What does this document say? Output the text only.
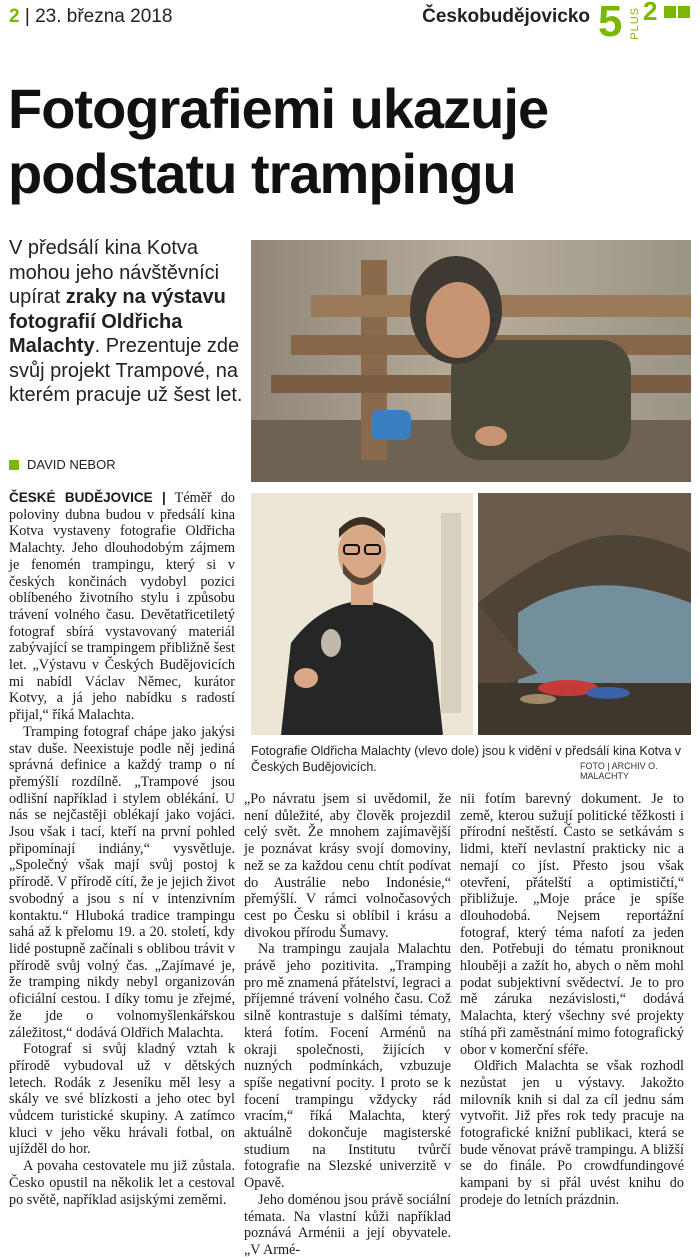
2 | 23. března 2018	Českobudějovicko 5 PLUS 2
Fotografiemi ukazuje
podstatu trampingu
V předsálí kina Kotva mohou jeho návštěvníci upírat zraky na výstavu fotografií Oldřicha Malachty. Prezentuje zde svůj projekt Trampové, na kterém pracuje už šest let.
DAVID NEBOR
Fotografie Oldřicha Malachty (vlevo dole) jsou k vidění v předsálí kina Kotva v Českých Budějovicích.	FOTO | ARCHIV O. MALACHTY

ČESKÉ BUDĚJOVICE | Téměř do poloviny dubna budou v předsálí kina Kotva vystaveny fotografie Oldřicha Malachty. Jeho dlouhodobým zájmem je fenomén trampingu, který si v českých končinách vydobyl pozici oblíbeného životního stylu i způsobu trávení volného času. Devětatřicetiletý fotograf sbírá vystavovaný materiál zabývající se trampingem přibližně šest let. „Výstavu v Českých Budějovicích mi nabídl Václav Němec, kurátor Kotvy, a já jeho nabídku s radostí přijal,“ říká Malachta.

Tramping fotograf chápe jako jakýsi stav duše. Neexistuje podle něj jediná správná definice a každý tramp o ní přemýšlí rozdílně. „Trampové jsou odlišní například i stylem oblékání. U nás se nejčastěji oblékají jako vojáci. Jsou však i tací, kteří na první pohled připomínají indiány,“ vysvětluje. „Společný však mají svůj postoj k přírodě. V přírodě cítí, že je jejich život svobodný a jsou s ní v intenzivním kontaktu.“ Hluboká tradice trampingu sahá až k přelomu 19. a 20. století, kdy lidé postupně začínali s oblibou trávit v přírodě svůj volný čas. „Zajímavé je, že tramping nikdy nebyl organizován oficiální cestou. I díky tomu je zřejmé, že jde o volnomyšlenkářskou záležitost,“ dodává Oldřich Malachta.

Fotograf si svůj kladný vztah k přírodě vybudoval už v dětských letech. Rodák z Jeseníku měl lesy a skály ve své blízkosti a jeho otec byl vůdcem turistické skupiny. A zatímco kluci v jeho věku hrávali fotbal, on ujížděl do hor.

A povaha cestovatele mu již zůstala. Česko opustil na několik let a cestoval po světě, například asijskými zeměmi.

„Po návratu jsem si uvědomil, že není důležité, aby člověk projezdil celý svět. Že mnohem zajímavější je poznávat krásy svojí domoviny, než se za každou cenu chtít podívat do Austrálie nebo Indonésie,“ přemýšlí. V rámci volnočasových cest po Česku si oblíbil i krásu a divokou přírodu Šumavy.

Na trampingu zaujala Malachtu právě jeho pozitivita. „Tramping pro mě znamená přátelství, legraci a příjemné trávení volného času. Což silně kontrastuje s dalšími tématy, která fotím. Focení Arménů na okraji společnosti, žijících v nuzných podmínkách, vzbuzuje spíše negativní pocity. I proto se k focení trampingu vždycky rád vracím,“ říká Malachta, který aktuálně dokončuje magisterské studium na Institutu tvůrčí fotografie na Slezské univerzitě v Opavě.

Jeho doménou jsou právě sociální témata. Na vlastní kůži například poznává Arménii a její obyvatele. „V Armé-

nii fotím barevný dokument. Je to země, kterou sužují politické těžkosti i přírodní neštěstí. Často se setkávám s lidmi, kteří nevlastní prakticky nic a nemají co jíst. Přesto jsou však otevření, přátelští a optimističtí,“ přibližuje. „Moje práce je spíše dlouhodobá. Nejsem reportážní fotograf, který téma nafotí za jeden den. Potřebuji do tématu proniknout hlouběji a zažít ho, abych o něm mohl podat subjektivní svědectví. Je to pro mě záruka nezávislosti,“ dodává Malachta, který všechny své projekty stíhá při zaměstnání mimo fotografický obor v komerční sféře.

Oldřich Malachta se však rozhodl nezůstat jen u výstavy. Jakožto milovník knih si dal za cíl jednu sám vytvořit. Již přes rok tedy pracuje na fotografické knižní publikaci, která se bude věnovat právě trampingu. A bližší se do finále. Po crowdfundingové kampani by si přál uvést knihu do prodeje do letních prázdnin.
